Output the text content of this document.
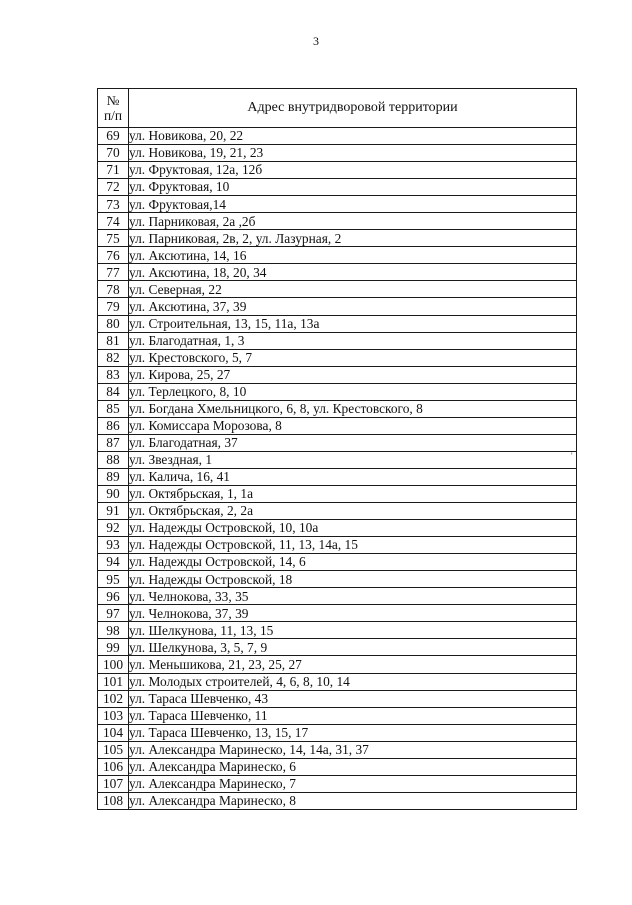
3
№
п/п	Адрес внутридворовой территории
69	ул. Новикова, 20, 22
70	ул. Новикова, 19, 21, 23
71	ул. Фруктовая, 12а, 12б
72	ул. Фруктовая, 10
73	ул. Фруктовая,14
74	ул. Парниковая, 2а ,2б
75	ул. Парниковая, 2в, 2, ул. Лазурная, 2
76	ул. Аксютина, 14, 16
77	ул. Аксютина, 18, 20, 34
78	ул. Северная, 22
79	ул. Аксютина, 37, 39
80	ул. Строительная, 13, 15, 11а, 13а
81	ул. Благодатная, 1, 3
82	ул. Крестовского, 5, 7
83	ул. Кирова, 25, 27
84	ул. Терлецкого, 8, 10
85	ул. Богдана Хмельницкого, 6, 8, ул. Крестовского, 8
86	ул. Комиссара Морозова, 8
87	ул. Благодатная, 37
88	ул. Звездная, 1
89	ул. Калича, 16, 41
90	ул. Октябрьская, 1, 1а
91	ул. Октябрьская, 2, 2а
92	ул. Надежды Островской, 10, 10а
93	ул. Надежды Островской, 11, 13, 14а, 15
94	ул. Надежды Островской, 14, 6
95	ул. Надежды Островской, 18
96	ул. Челнокова, 33, 35
97	ул. Челнокова, 37, 39
98	ул. Шелкунова, 11, 13, 15
99	ул. Шелкунова, 3, 5, 7, 9
100	ул. Меньшикова, 21, 23, 25, 27
101	ул. Молодых строителей, 4, 6, 8, 10, 14
102	ул. Тараса Шевченко, 43
103	ул. Тараса Шевченко, 11
104	ул. Тараса Шевченко, 13, 15, 17
105	ул. Александра Маринеско, 14, 14а, 31, 37
106	ул. Александра Маринеско, 6
107	ул. Александра Маринеско, 7
108	ул. Александра Маринеско, 8
'
